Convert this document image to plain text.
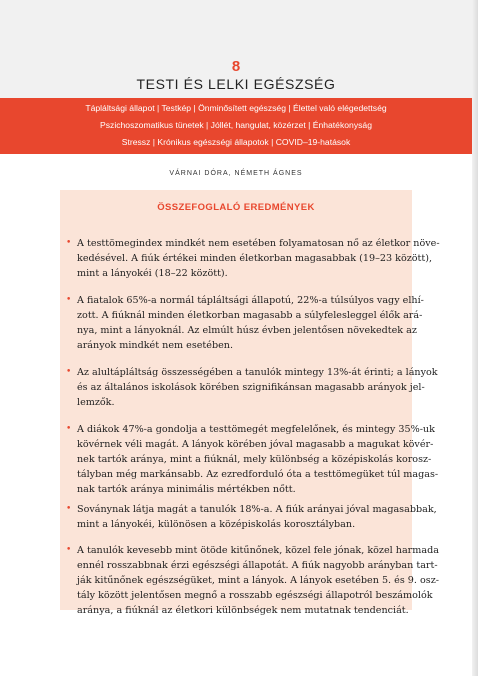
8
TESTI ÉS LELKI EGÉSZSÉG
Tápláltsági állapot | Testkép | Önminősített egészség | Élettel való elégedettség
Pszichoszomatikus tünetek | Jóllét, hangulat, közérzet | Énhatékonyság
Stressz | Krónikus egészségi állapotok | COVID–19-hatások
VÁRNAI DÓRA, NÉMETH ÁGNES
ÖSSZEFOGLALÓ EREDMÉNYEK
• A testtömegindex mindkét nem esetében folyamatosan nő az életkor növe-
kedésével. A fiúk értékei minden életkorban magasabbak (19–23 között),
mint a lányokéi (18–22 között).
• A fiatalok 65%-a normál tápláltsági állapotú, 22%-a túlsúlyos vagy elhí-
zott. A fiúknál minden életkorban magasabb a súlyfeleslеggel élők ará-
nya, mint a lányoknál. Az elmúlt húsz évben jelentősen növekedtek az
arányok mindkét nem esetében.
• Az alultápláltság összességében a tanulók mintegy 13%-át érinti; a lányok
és az általános iskolások körében szignifikánsan magasabb arányok jel-
lemzők.
• A diákok 47%-a gondolja a testtömegét megfelelőnek, és mintegy 35%-uk
kövérnek véli magát. A lányok körében jóval magasabb a magukat kövér-
nek tartók aránya, mint a fiúknál, mely különbség a középiskolás korosz-
tályban még markánsabb. Az ezredforduló óta a testtömegüket túl magas-
nak tartók aránya minimális mértékben nőtt.
• Soványnak látja magát a tanulók 18%-a. A fiúk arányai jóval magasabbak,
mint a lányokéi, különösen a középiskolás korosztályban.
• A tanulók kevesebb mint ötöde kitűnőnek, közel fele jónak, közel harmada
ennél rosszabbnak érzi egészségi állapotát. A fiúk nagyobb arányban tart-
ják kitűnőnek egészségüket, mint a lányok. A lányok esetében 5. és 9. osz-
tály között jelentősen megnő a rosszabb egészségi állapotról beszámolók
aránya, a fiúknál az életkori különbségek nem mutatnak tendenciát.
